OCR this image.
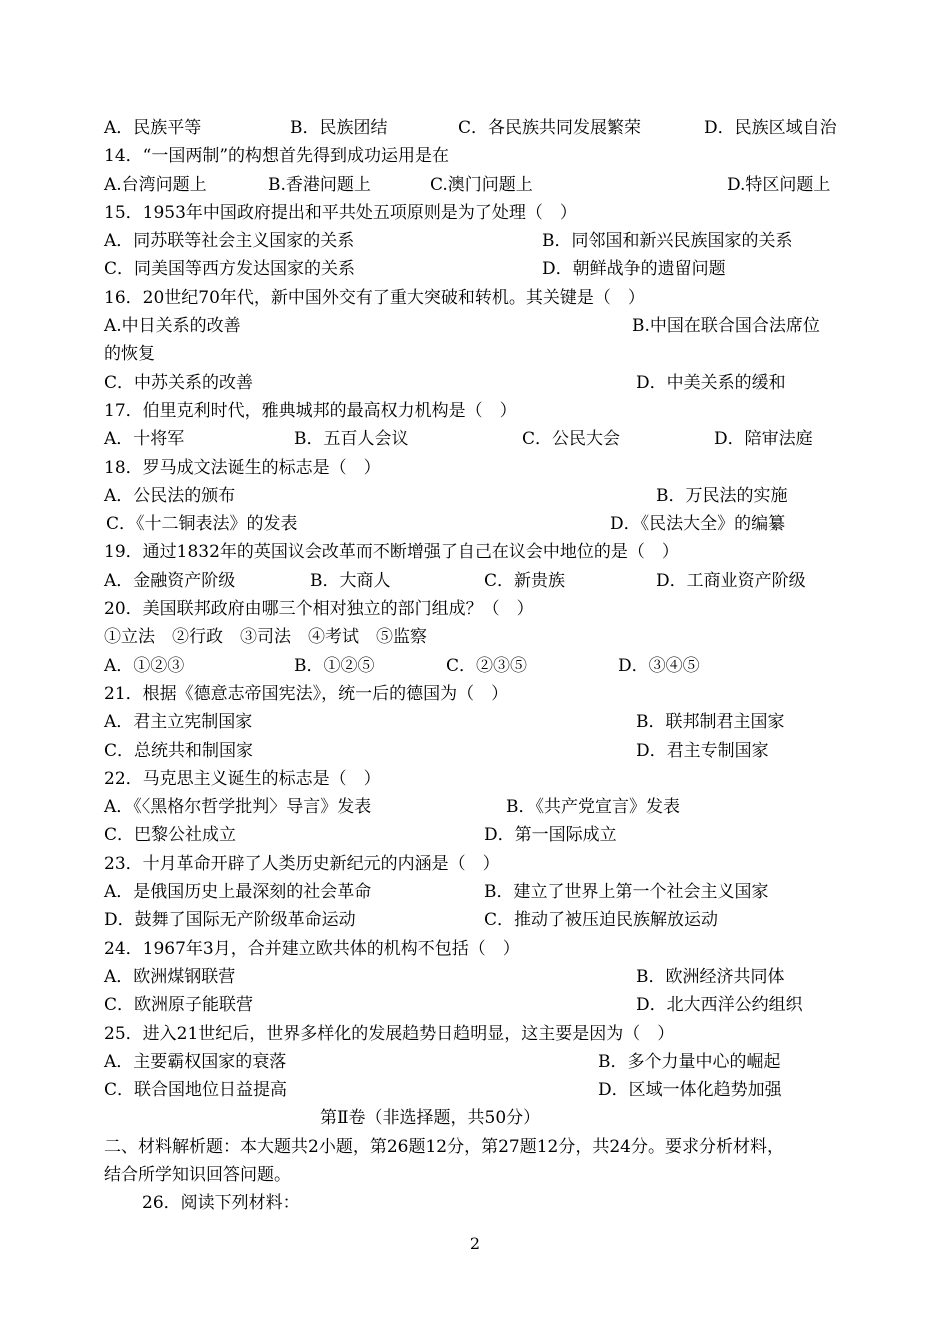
A．民族平等	B．民族团结	C．各民族共同发展繁荣	D．民族区域自治
14．“一国两制”的构想首先得到成功运用是在
A.台湾问题上	B.香港问题上	C.澳门问题上	D.特区问题上
15．1953年中国政府提出和平共处五项原则是为了处理（　）
A．同苏联等社会主义国家的关系	B．同邻国和新兴民族国家的关系
C．同美国等西方发达国家的关系	D．朝鲜战争的遗留问题
16．20世纪70年代，新中国外交有了重大突破和转机。其关键是（　）
A.中日关系的改善	B.中国在联合国合法席位
的恢复
C．中苏关系的改善	D．中美关系的缓和
17．伯里克利时代，雅典城邦的最高权力机构是（　）
A．十将军	B．五百人会议	C．公民大会	D．陪审法庭
18．罗马成文法诞生的标志是（　）
A．公民法的颁布	B．万民法的实施
C．《十二铜表法》的发表	D．《民法大全》的编纂
19．通过1832年的英国议会改革而不断增强了自己在议会中地位的是（　）
A．金融资产阶级	B．大商人	C．新贵族	D．工商业资产阶级
20．美国联邦政府由哪三个相对独立的部门组成？（　）
①立法　②行政　③司法　④考试　⑤监察
A．①②③	B．①②⑤	C．②③⑤	D．③④⑤
21．根据《德意志帝国宪法》，统一后的德国为（　）
A．君主立宪制国家	B．联邦制君主国家
C．总统共和制国家	D．君主专制国家
22．马克思主义诞生的标志是（　）
A．《〈黑格尔哲学批判〉导言》发表	B．《共产党宣言》发表
C．巴黎公社成立	D．第一国际成立
23．十月革命开辟了人类历史新纪元的内涵是（　）
A．是俄国历史上最深刻的社会革命	B．建立了世界上第一个社会主义国家
D．鼓舞了国际无产阶级革命运动	C．推动了被压迫民族解放运动
24．1967年3月，合并建立欧共体的机构不包括（　）
A．欧洲煤钢联营	B．欧洲经济共同体
C．欧洲原子能联营	D．北大西洋公约组织
25．进入21世纪后，世界多样化的发展趋势日趋明显，这主要是因为（　）
A．主要霸权国家的衰落	B．多个力量中心的崛起
C．联合国地位日益提高	D．区域一体化趋势加强
第Ⅱ卷（非选择题，共50分）
二、材料解析题：本大题共2小题，第26题12分，第27题12分，共24分。要求分析材料，
结合所学知识回答问题。
26．阅读下列材料：
2
